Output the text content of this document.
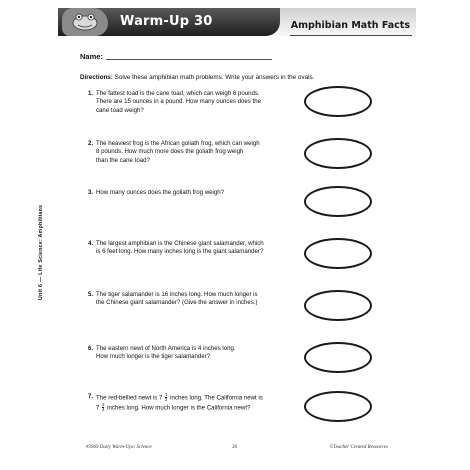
Warm-Up 30	Amphibian Math Facts
Name:
Directions: Solve these amphibian math problems. Write your answers in the ovals.
1. The fattest toad is the cane toad, which can weigh 6 pounds.
There are 15 ounces in a pound. How many ounces does the
cane toad weigh?
2. The heaviest frog is the African goliath frog, which can weigh
8 pounds. How much more does the goliath frog weigh
than the cane toad?
3. How many ounces does the goliath frog weigh?
4. The largest amphibian is the Chinese giant salamander, which
is 6 feet long. How many inches long is the giant salamander?
5. The tiger salamander is 16 inches long. How much longer is
the Chinese giant salamander? (Give the answer in inches.)
6. The eastern newt of North America is 4 inches long.
How much longer is the tiger salamander?
7. The red-bellied newt is $7 \frac{1}{2}$ inches long. The California newt is
$7 \frac{3}{4}$ inches long. How much longer is the California newt?
#3969 Daily Warm-Ups: Science	36	©Teacher Created Resources
Unit 6 — Life Science: Amphibians
